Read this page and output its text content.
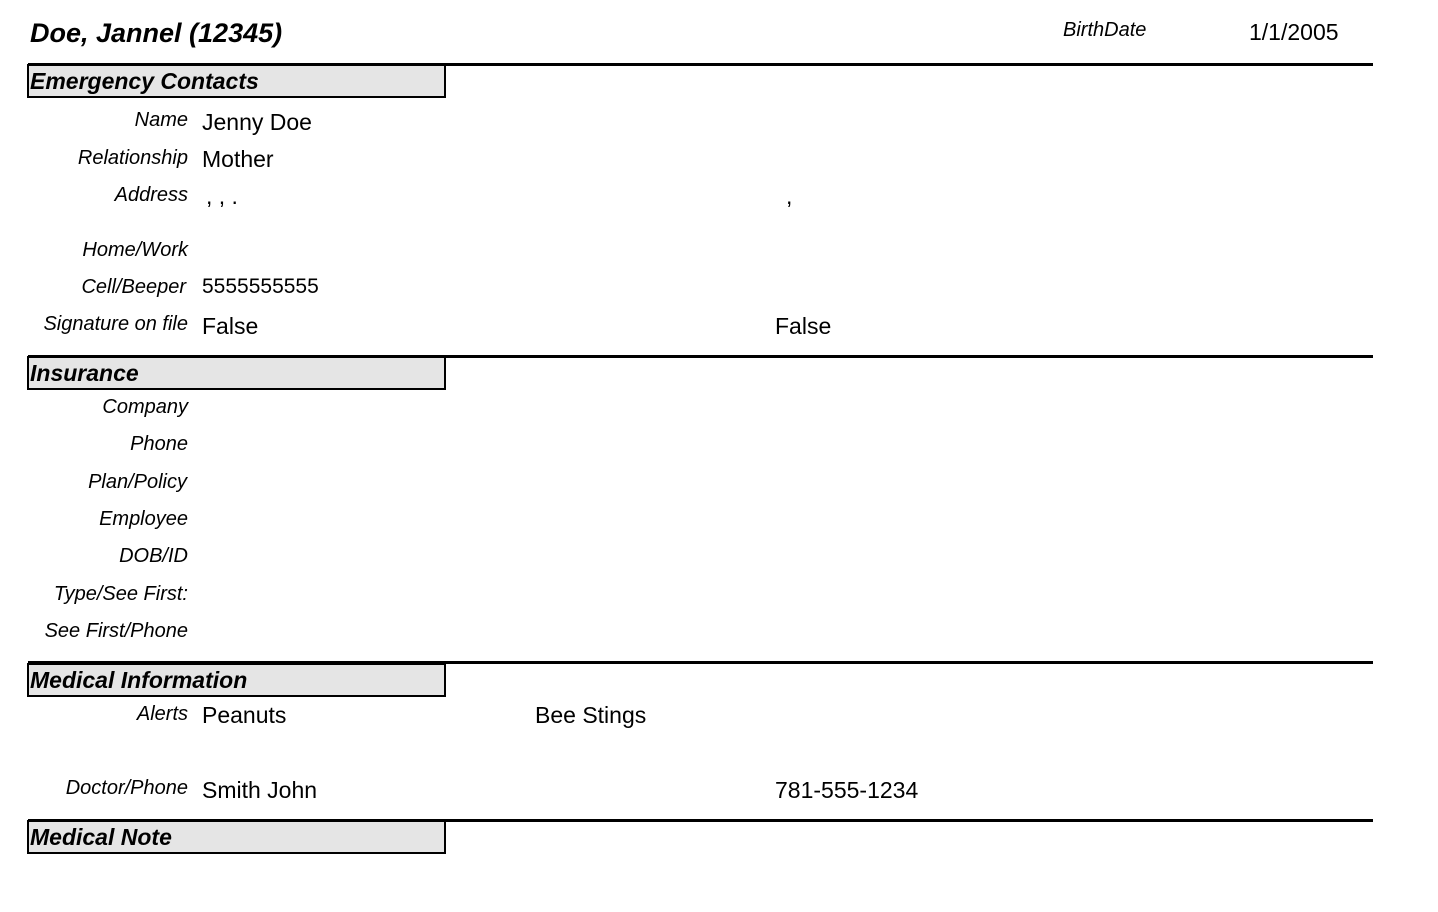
Doe, Jannel (12345)	BirthDate	1/1/2005
Emergency Contacts
Name Jenny Doe
Relationship Mother
Address , , .	,
Home/Work
Cell/Beeper 5555555555
Signature on file False	False
Insurance
Company
Phone
Plan/Policy
Employee
DOB/ID
Type/See First:
See First/Phone
Medical Information
Alerts Peanuts	Bee Stings
Doctor/Phone Smith John	781-555-1234
Medical Note
